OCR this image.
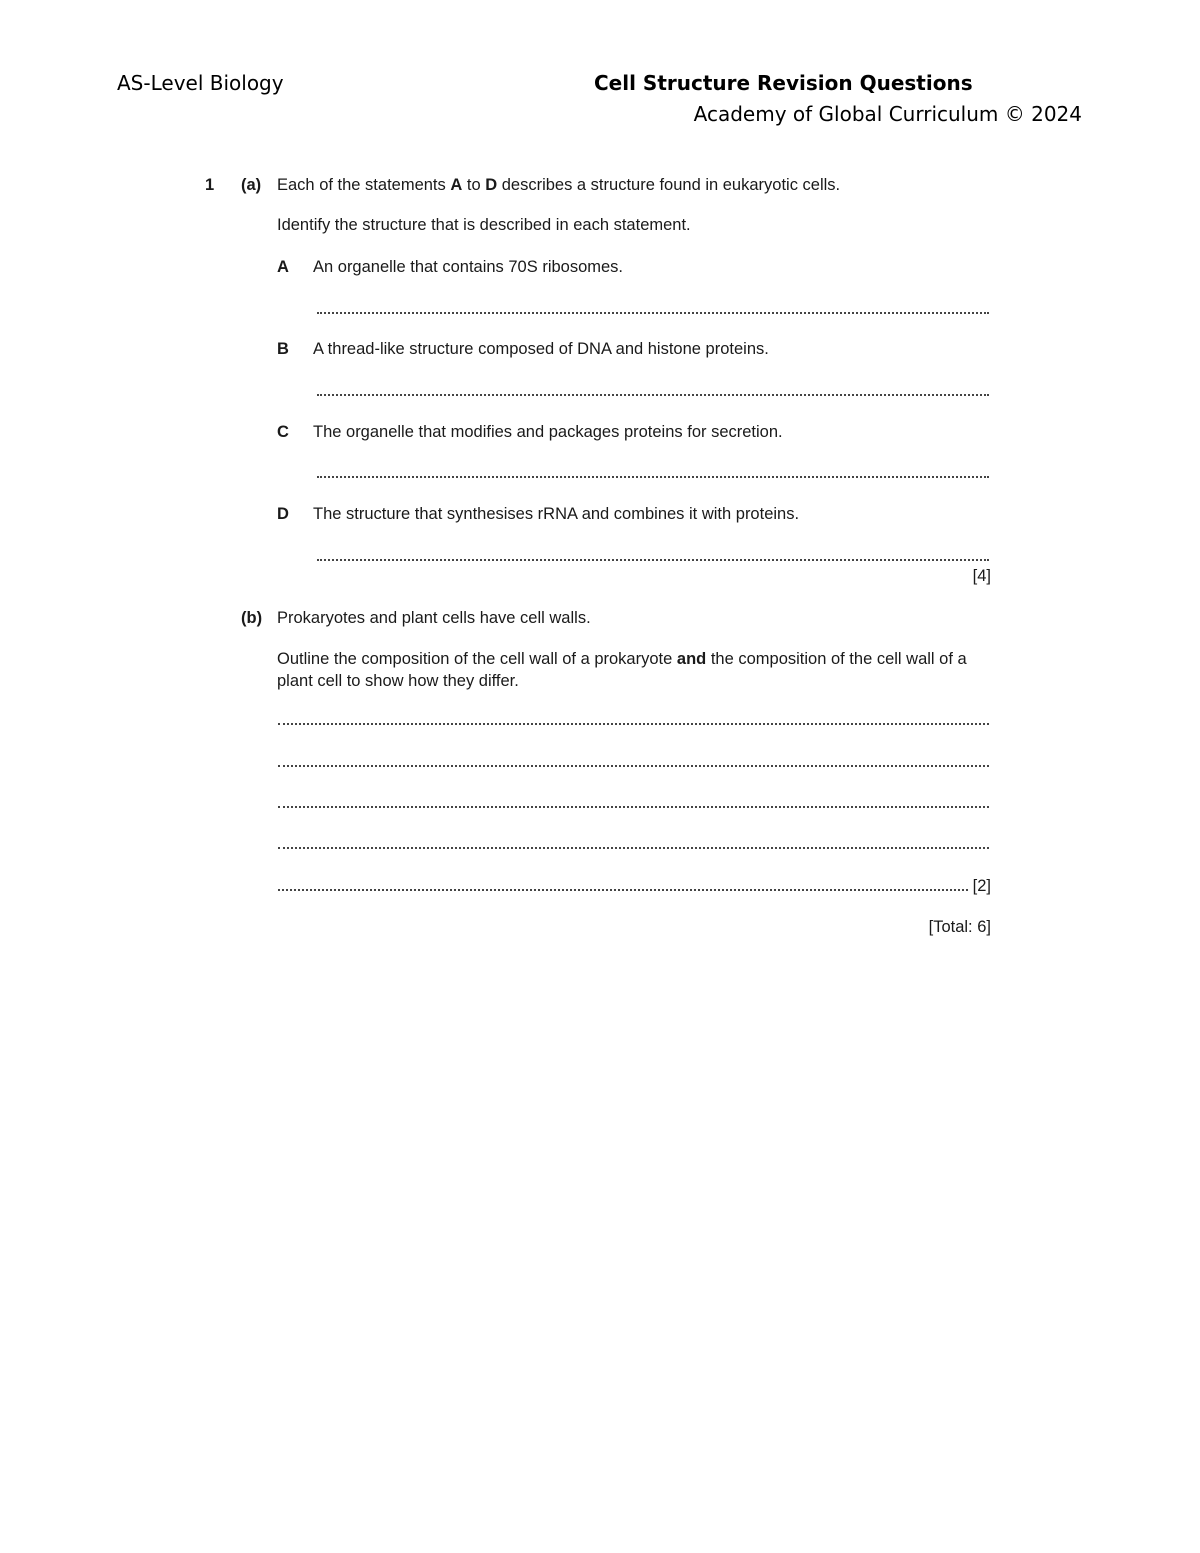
AS-Level Biology	Cell Structure Revision Questions
Academy of Global Curriculum © 2024
1 (a) Each of the statements A to D describes a structure found in eukaryotic cells.
Identify the structure that is described in each statement.
A An organelle that contains 70S ribosomes.
B A thread-like structure composed of DNA and histone proteins.
C The organelle that modifies and packages proteins for secretion.
D The structure that synthesises rRNA and combines it with proteins.
[4]
(b) Prokaryotes and plant cells have cell walls.
Outline the composition of the cell wall of a prokaryote and the composition of the cell wall of a plant cell to show how they differ.
[2]
[Total: 6]
